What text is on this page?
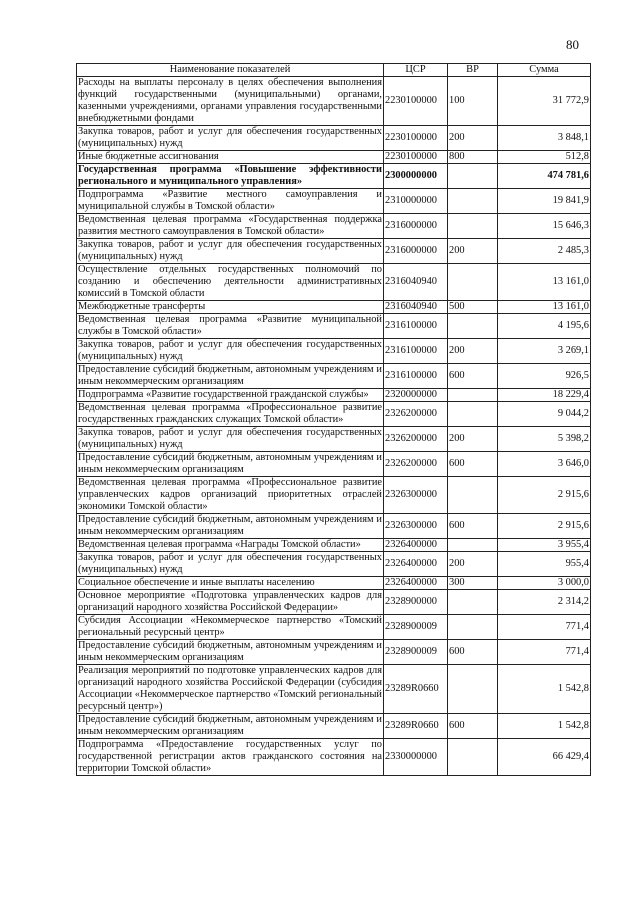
80
Наименование показателей	ЦСР	ВР	Сумма
Расходы на выплаты персоналу в целях обеспечения выполнения функций государственными (муниципальными) органами, казенными учреждениями, органами управления государственными внебюджетными фондами	2230100000	100	31 772,9
Закупка товаров, работ и услуг для обеспечения государственных (муниципальных) нужд	2230100000	200	3 848,1
Иные бюджетные ассигнования	2230100000	800	512,8
Государственная программа «Повышение эффективности регионального и муниципального управления»	2300000000		474 781,6
Подпрограмма «Развитие местного самоуправления и муниципальной службы в Томской области»	2310000000		19 841,9
Ведомственная целевая программа «Государственная поддержка развития местного самоуправления в Томской области»	2316000000		15 646,3
Закупка товаров, работ и услуг для обеспечения государственных (муниципальных) нужд	2316000000	200	2 485,3
Осуществление отдельных государственных полномочий по созданию и обеспечению деятельности административных комиссий в Томской области	2316040940		13 161,0
Межбюджетные трансферты	2316040940	500	13 161,0
Ведомственная целевая программа «Развитие муниципальной службы в Томской области»	2316100000		4 195,6
Закупка товаров, работ и услуг для обеспечения государственных (муниципальных) нужд	2316100000	200	3 269,1
Предоставление субсидий бюджетным, автономным учреждениям и иным некоммерческим организациям	2316100000	600	926,5
Подпрограмма «Развитие государственной гражданской службы»	2320000000		18 229,4
Ведомственная целевая программа «Профессиональное развитие государственных гражданских служащих Томской области»	2326200000		9 044,2
Закупка товаров, работ и услуг для обеспечения государственных (муниципальных) нужд	2326200000	200	5 398,2
Предоставление субсидий бюджетным, автономным учреждениям и иным некоммерческим организациям	2326200000	600	3 646,0
Ведомственная целевая программа «Профессиональное развитие управленческих кадров организаций приоритетных отраслей экономики Томской области»	2326300000		2 915,6
Предоставление субсидий бюджетным, автономным учреждениям и иным некоммерческим организациям	2326300000	600	2 915,6
Ведомственная целевая программа «Награды Томской области»	2326400000		3 955,4
Закупка товаров, работ и услуг для обеспечения государственных (муниципальных) нужд	2326400000	200	955,4
Социальное обеспечение и иные выплаты населению	2326400000	300	3 000,0
Основное мероприятие «Подготовка управленческих кадров для организаций народного хозяйства Российской Федерации»	2328900000		2 314,2
Субсидия Ассоциации «Некоммерческое партнерство «Томский региональный ресурсный центр»	2328900009		771,4
Предоставление субсидий бюджетным, автономным учреждениям и иным некоммерческим организациям	2328900009	600	771,4
Реализация мероприятий по подготовке управленческих кадров для организаций народного хозяйства Российской Федерации (субсидия Ассоциации «Некоммерческое партнерство «Томский региональный ресурсный центр»)	23289R0660		1 542,8
Предоставление субсидий бюджетным, автономным учреждениям и иным некоммерческим организациям	23289R0660	600	1 542,8
Подпрограмма «Предоставление государственных услуг по государственной регистрации актов гражданского состояния на территории Томской области»	2330000000		66 429,4
